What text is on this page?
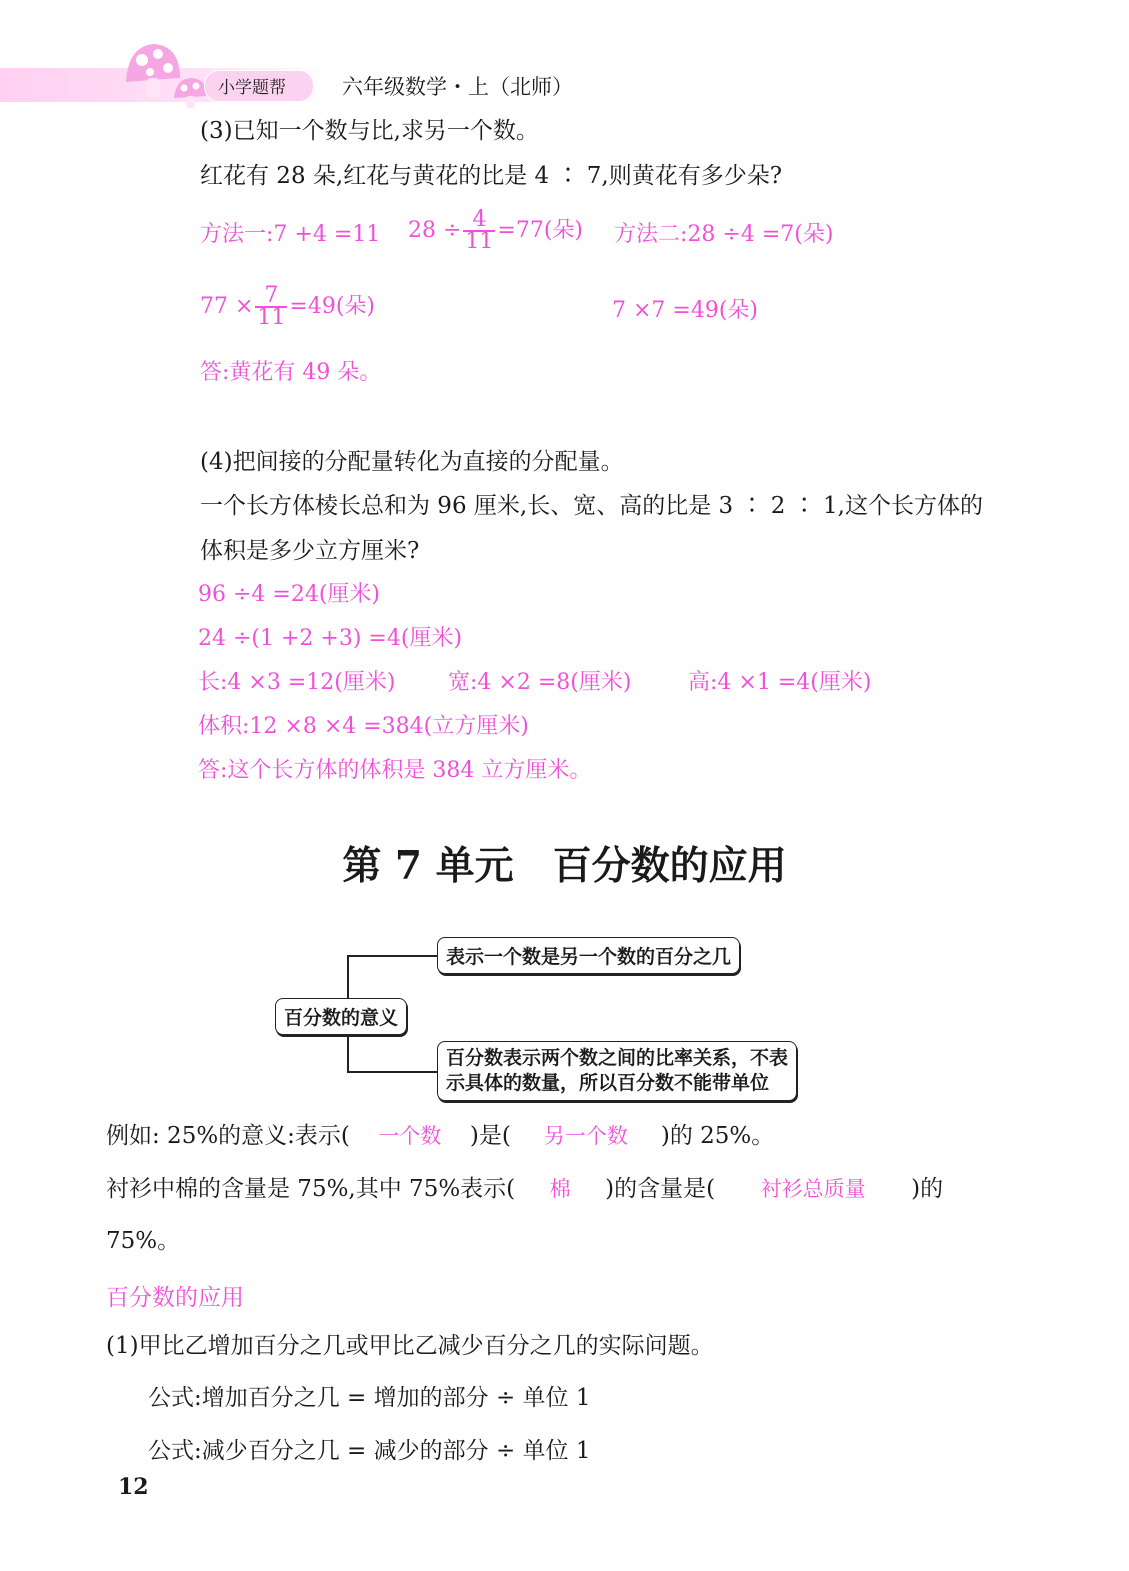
小学题帮	六年级数学・上（北师）
(3)已知一个数与比,求另一个数。
红花有 28 朵,红花与黄花的比是 4 ∶ 7,则黄花有多少朵?
方法一:7 +4 =11 $28 \div \frac{4}{11} =77$(朵) 方法二:28 ÷4 =7(朵)
$77 \times \frac{7}{11} =49$(朵)	7 ×7 =49(朵)
答:黄花有 49 朵。
(4)把间接的分配量转化为直接的分配量。
一个长方体棱长总和为 96 厘米,长、宽、高的比是 3 ∶ 2 ∶ 1,这个长方体的
体积是多少立方厘米?
96 ÷4 =24(厘米)
24 ÷(1 +2 +3) =4(厘米)
长:4 ×3 =12(厘米) 宽:4 ×2 =8(厘米)	高:4 ×1 =4(厘米)
体积:12 ×8 ×4 =384(立方厘米)
答:这个长方体的体积是 384 立方厘米。
第 7 单元　百分数的应用
百分数的意义
表示一个数是另一个数的百分之几
百分数表示两个数之间的比率关系，不表
示具体的数量，所以百分数不能带单位
例如: 25%的意义:表示( 一个数 )是( 另一个数 )的 25%。
衬衫中棉的含量是 75%,其中 75%表示( 棉 )的含量是( 衬衫总质量 )的
75%。
百分数的应用
(1)甲比乙增加百分之几或甲比乙减少百分之几的实际问题。
公式:增加百分之几 = 增加的部分 ÷ 单位 1
公式:减少百分之几 = 减少的部分 ÷ 单位 1
12
